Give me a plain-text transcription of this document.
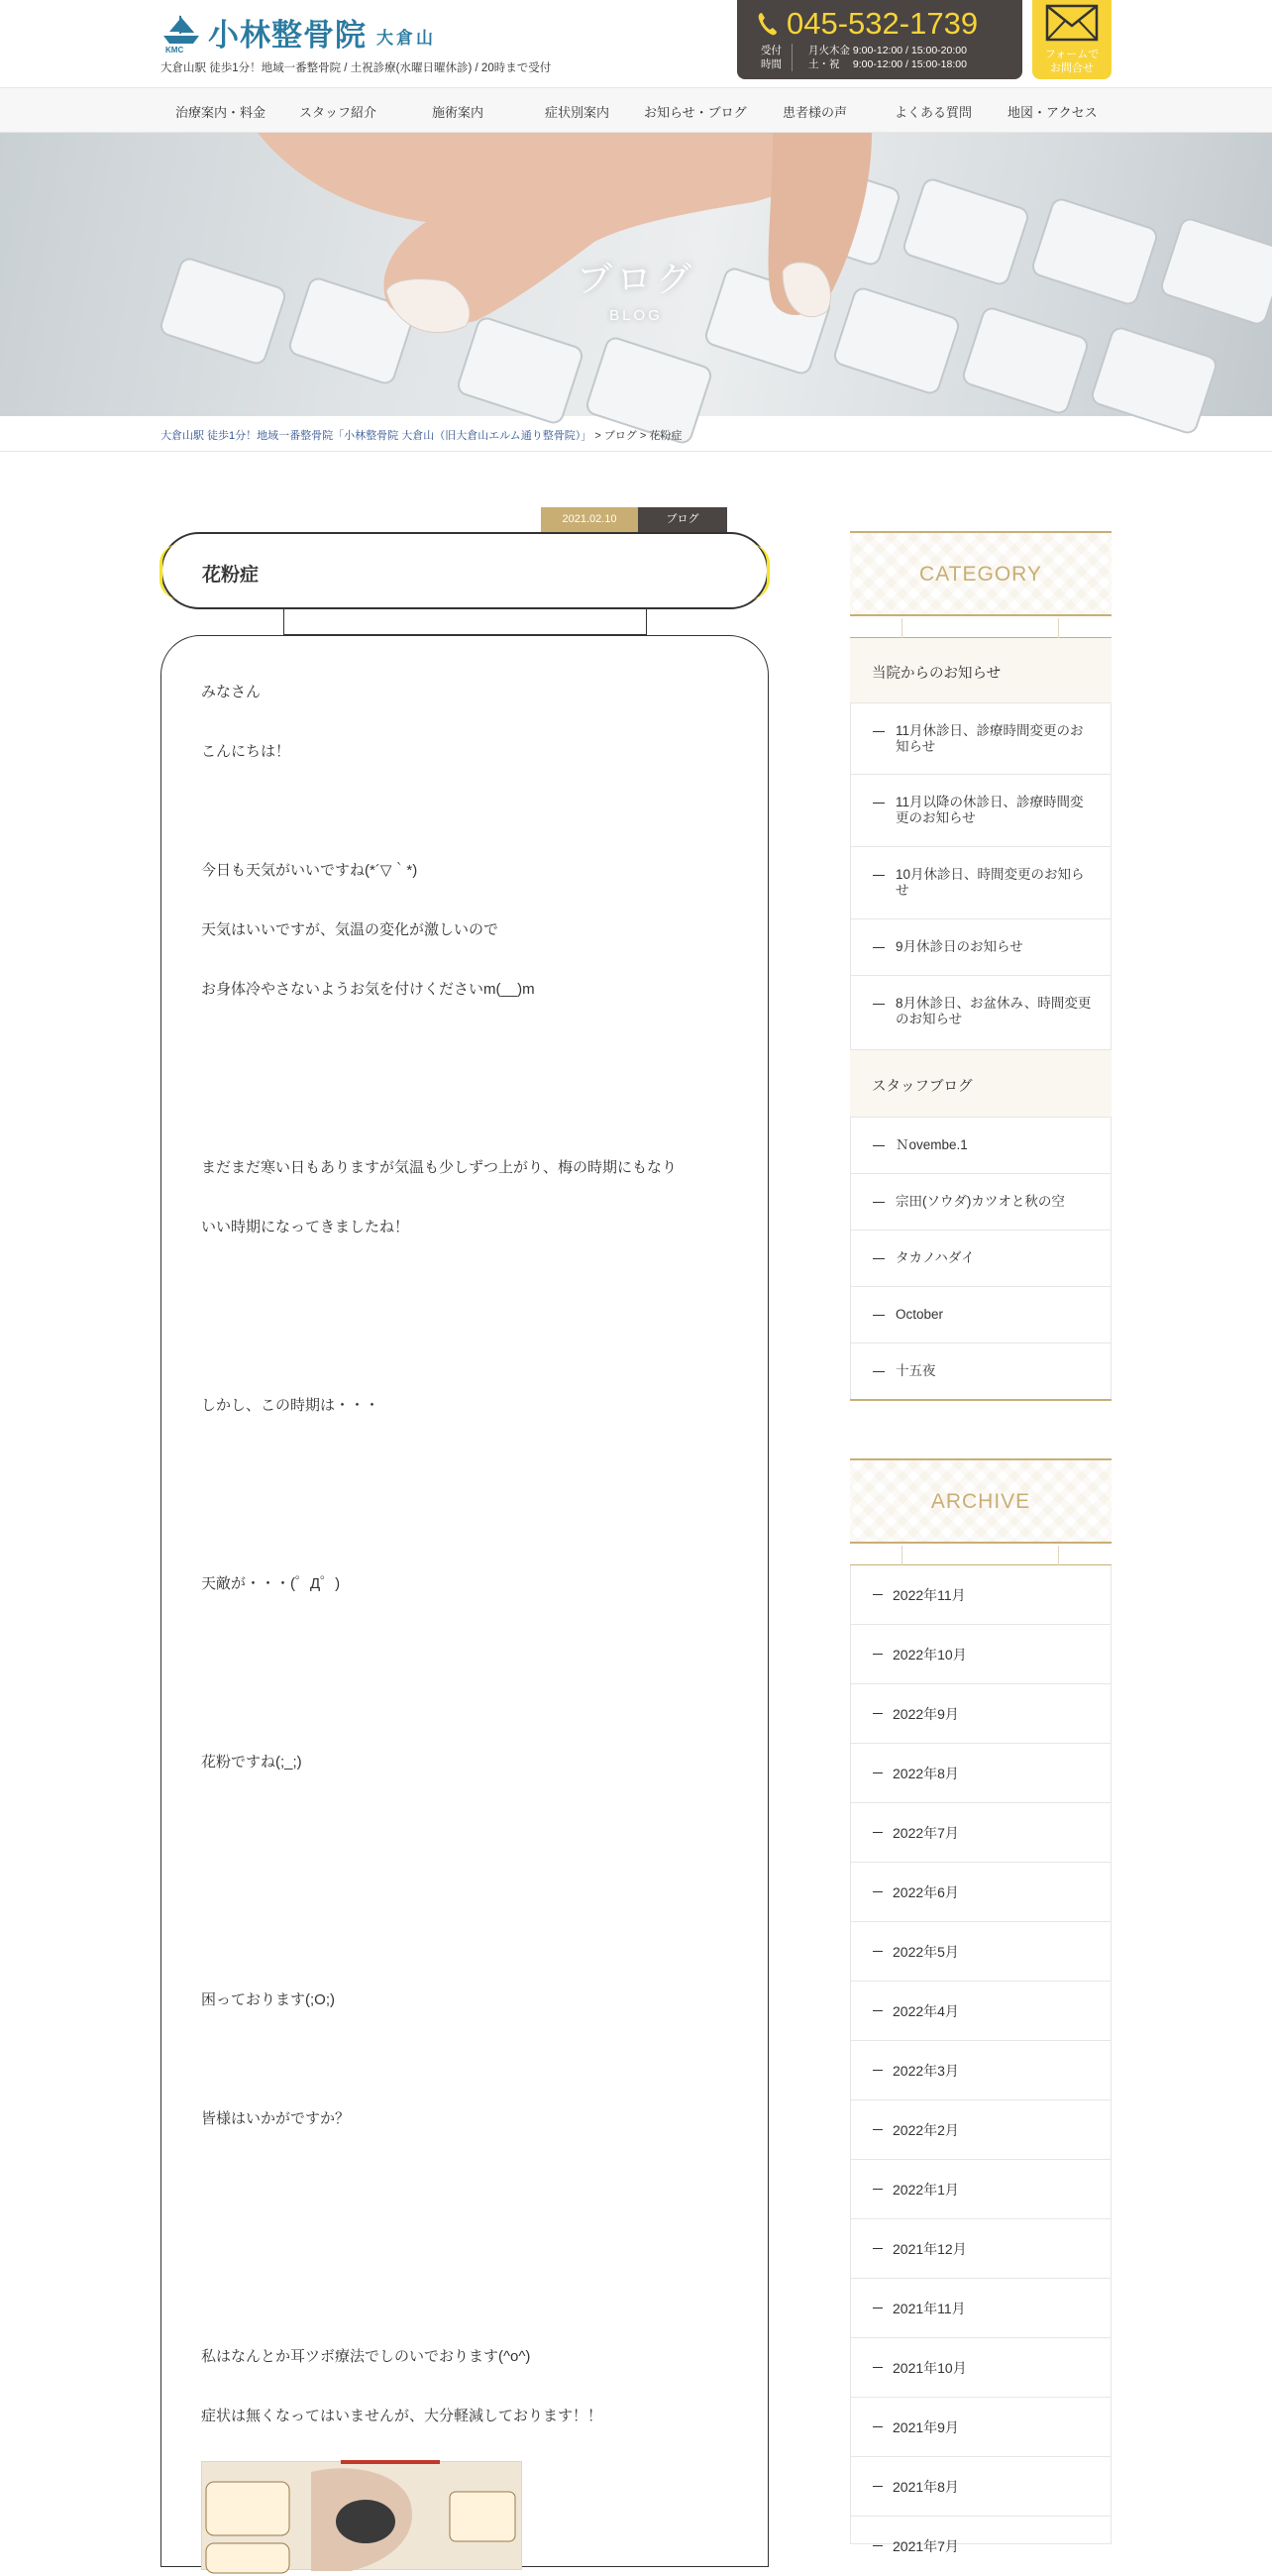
KMC 小林整骨院 大倉山
大倉山駅 徒歩1分！地域一番整骨院 / 土祝診療(水曜日曜休診) / 20時まで受付
045-532-1739
受付
時間
月火木金 9:00-12:00 / 15:00-20:00
土・祝　 9:00-12:00 / 15:00-18:00
フォームで
お問合せ
治療案内・料金	スタッフ紹介	施術案内	症状別案内	お知らせ・ブログ	患者様の声	よくある質問	地図・アクセス
ブログ
BLOG
大倉山駅 徒歩1分！地域一番整骨院「小林整骨院 大倉山（旧大倉山エルム通り整骨院）」 > ブログ > 花粉症
2021.02.10	ブログ
花粉症

みなさん

こんにちは！

今日も天気がいいですね(*´▽｀*)

天気はいいですが、気温の変化が激しいので

お身体冷やさないようお気を付けくださいm(__)m

まだまだ寒い日もありますが気温も少しずつ上がり、梅の時期にもなり

いい時期になってきましたね！

しかし、この時期は・・・

天敵が・・・(゜Д゜)

花粉ですね(;_;)

困っております(;O;)

皆様はいかがですか？

私はなんとか耳ツボ療法でしのいでおります(^o^)

症状は無くなってはいませんが、大分軽減しております！！

CATEGORY
当院からのお知らせ
11月休診日、診療時間変更のお知らせ
11月以降の休診日、診療時間変更のお知らせ
10月休診日、時間変更のお知らせ
9月休診日のお知らせ
8月休診日、お盆休み、時間変更のお知らせ
スタッフブログ
Ｎovembe.1
宗田(ソウダ)カツオと秋の空
タカノハダイ
October
十五夜
ARCHIVE
2022年11月
2022年10月
2022年9月
2022年8月
2022年7月
2022年6月
2022年5月
2022年4月
2022年3月
2022年2月
2022年1月
2021年12月
2021年11月
2021年10月
2021年9月
2021年8月
2021年7月
